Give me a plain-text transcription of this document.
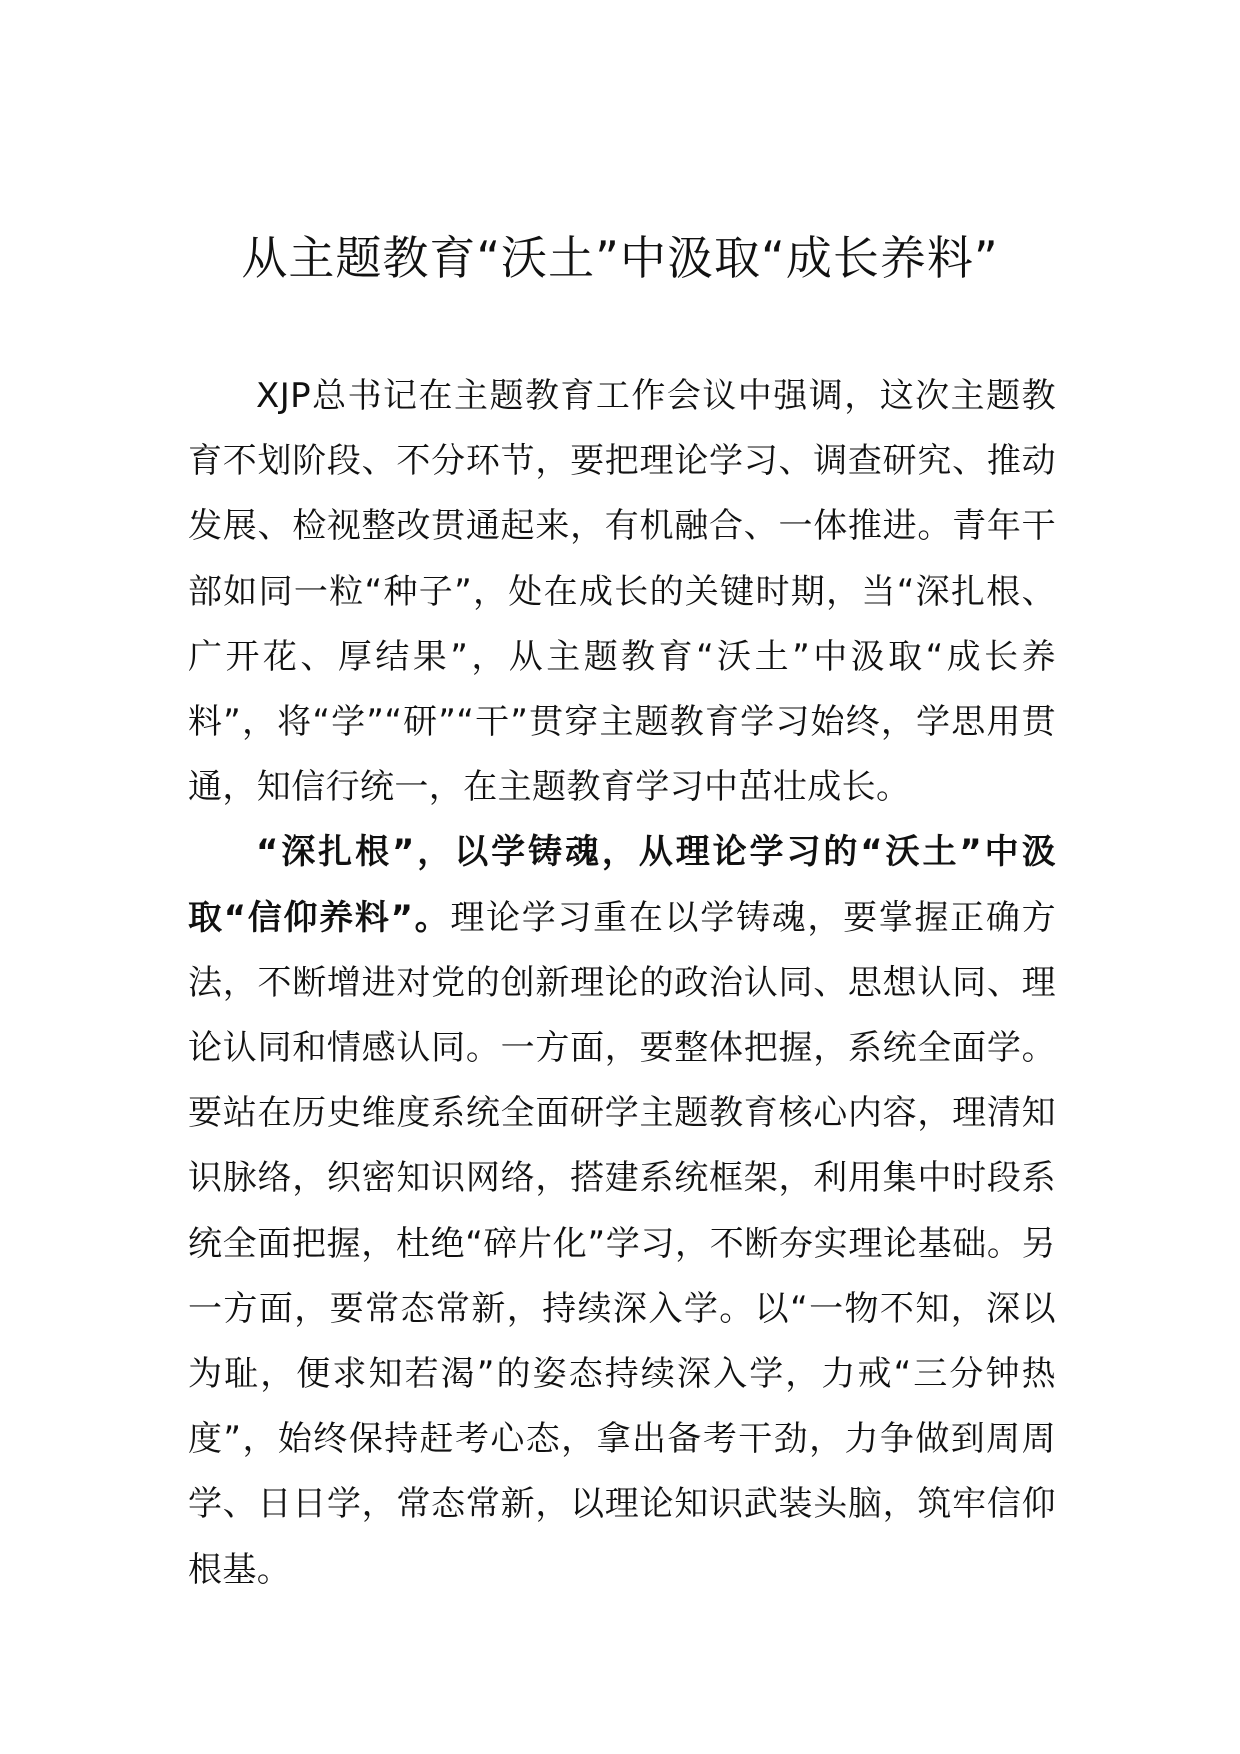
从主题教育“沃土”中汲取“成长养料”

XJP总书记在主题教育工作会议中强调，这次主题教育不划阶段、不分环节，要把理论学习、调查研究、推动发展、检视整改贯通起来，有机融合、一体推进。青年干部如同一粒“种子”，处在成长的关键时期，当“深扎根、广开花、厚结果”，从主题教育“沃土”中汲取“成长养料”，将“学”“研”“干”贯穿主题教育学习始终，学思用贯通，知信行统一，在主题教育学习中茁壮成长。

“深扎根”，以学铸魂，从理论学习的“沃土”中汲取“信仰养料”。理论学习重在以学铸魂，要掌握正确方法，不断增进对党的创新理论的政治认同、思想认同、理论认同和情感认同。一方面，要整体把握，系统全面学。要站在历史维度系统全面研学主题教育核心内容，理清知识脉络，织密知识网络，搭建系统框架，利用集中时段系统全面把握，杜绝“碎片化”学习，不断夯实理论基础。另一方面，要常态常新，持续深入学。以“一物不知，深以为耻，便求知若渴”的姿态持续深入学，力戒“三分钟热度”，始终保持赶考心态，拿出备考干劲，力争做到周周学、日日学，常态常新，以理论知识武装头脑，筑牢信仰根基。
